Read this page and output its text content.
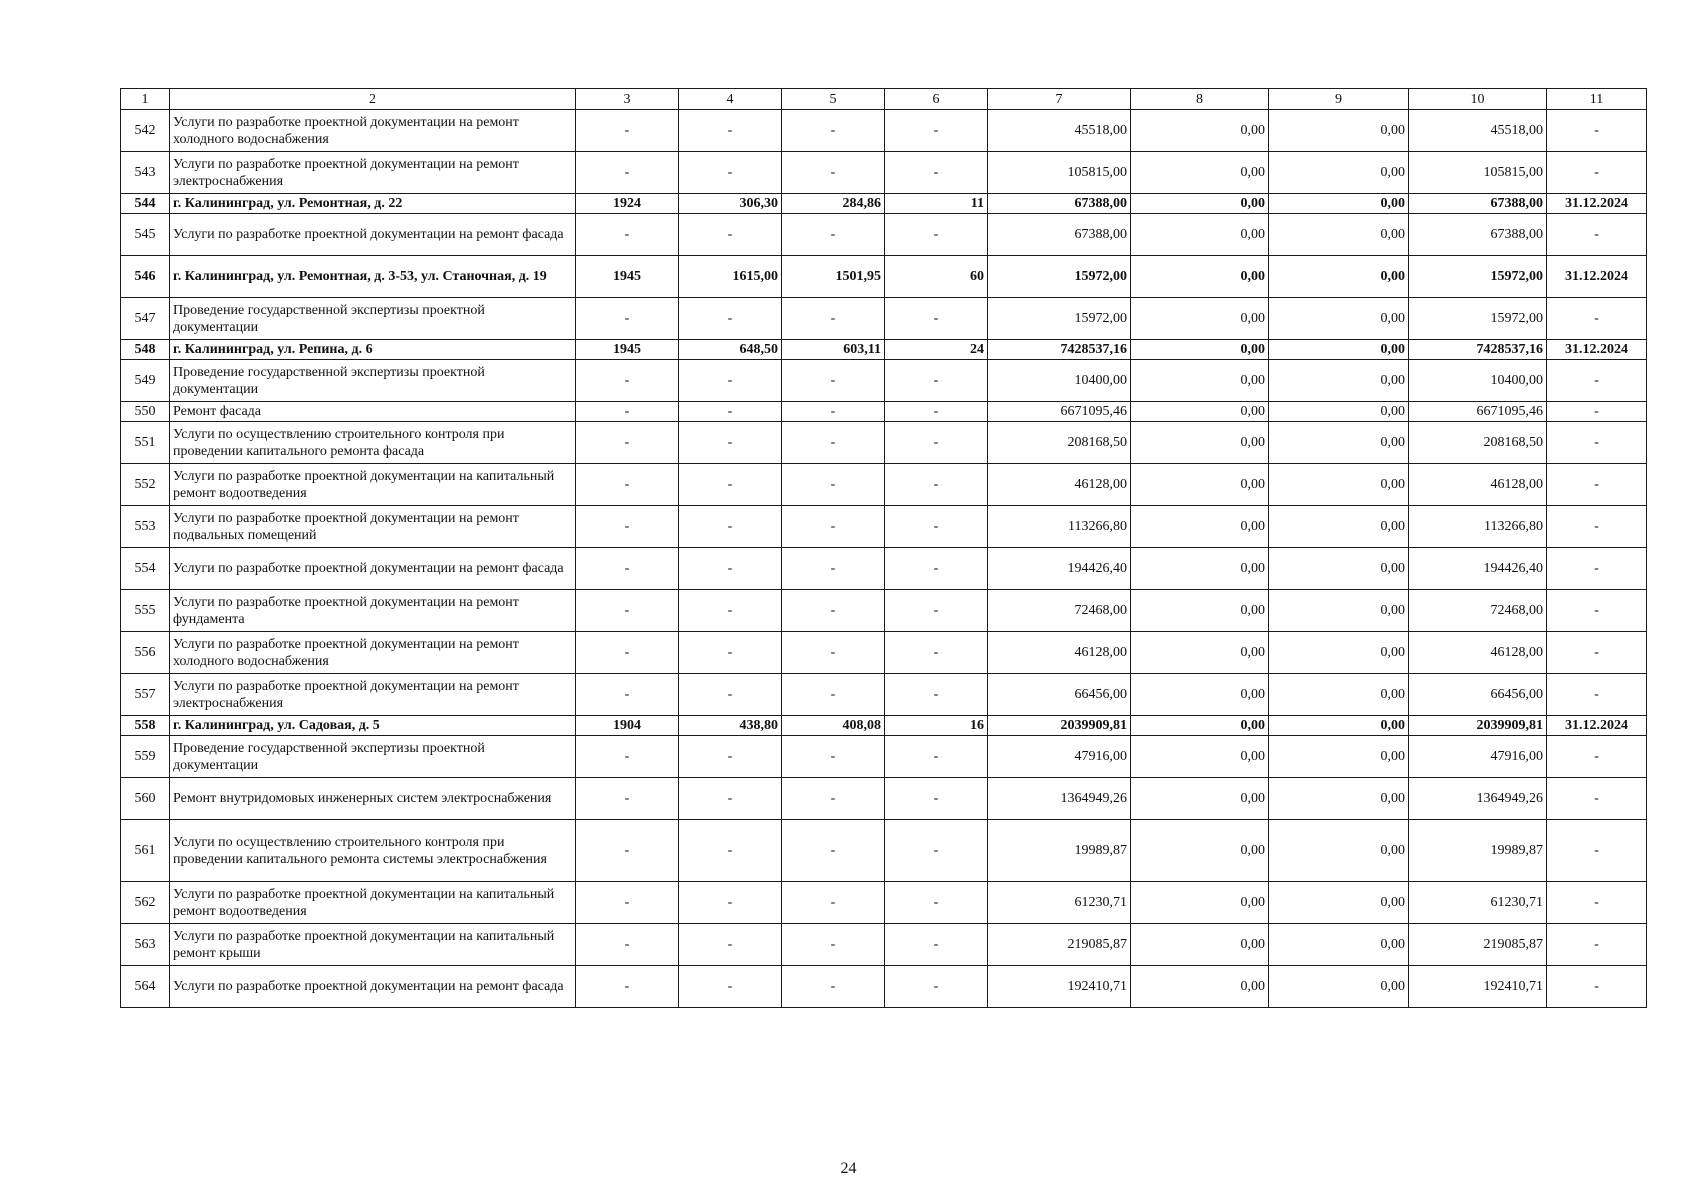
1	2	3	4	5	6	7	8	9	10	11
542	Услуги по разработке проектной документации на ремонт холодного водоснабжения	-	-	-	-	45518,00	0,00	0,00	45518,00	-
543	Услуги по разработке проектной документации на ремонт электроснабжения	-	-	-	-	105815,00	0,00	0,00	105815,00	-
544	г. Калининград, ул. Ремонтная, д. 22	1924	306,30	284,86	11	67388,00	0,00	0,00	67388,00	31.12.2024
545	Услуги по разработке проектной документации на ремонт фасада	-	-	-	-	67388,00	0,00	0,00	67388,00	-
546	г. Калининград, ул. Ремонтная, д. 3-53, ул. Станочная, д. 19	1945	1615,00	1501,95	60	15972,00	0,00	0,00	15972,00	31.12.2024
547	Проведение государственной экспертизы проектной документации	-	-	-	-	15972,00	0,00	0,00	15972,00	-
548	г. Калининград, ул. Репина, д. 6	1945	648,50	603,11	24	7428537,16	0,00	0,00	7428537,16	31.12.2024
549	Проведение государственной экспертизы проектной документации	-	-	-	-	10400,00	0,00	0,00	10400,00	-
550	Ремонт фасада	-	-	-	-	6671095,46	0,00	0,00	6671095,46	-
551	Услуги по осуществлению строительного контроля при проведении капитального ремонта фасада	-	-	-	-	208168,50	0,00	0,00	208168,50	-
552	Услуги по разработке проектной документации на капитальный ремонт водоотведения	-	-	-	-	46128,00	0,00	0,00	46128,00	-
553	Услуги по разработке проектной документации на ремонт подвальных помещений	-	-	-	-	113266,80	0,00	0,00	113266,80	-
554	Услуги по разработке проектной документации на ремонт фасада	-	-	-	-	194426,40	0,00	0,00	194426,40	-
555	Услуги по разработке проектной документации на ремонт фундамента	-	-	-	-	72468,00	0,00	0,00	72468,00	-
556	Услуги по разработке проектной документации на ремонт холодного водоснабжения	-	-	-	-	46128,00	0,00	0,00	46128,00	-
557	Услуги по разработке проектной документации на ремонт электроснабжения	-	-	-	-	66456,00	0,00	0,00	66456,00	-
558	г. Калининград, ул. Садовая, д. 5	1904	438,80	408,08	16	2039909,81	0,00	0,00	2039909,81	31.12.2024
559	Проведение государственной экспертизы проектной документации	-	-	-	-	47916,00	0,00	0,00	47916,00	-
560	Ремонт внутридомовых инженерных систем электроснабжения	-	-	-	-	1364949,26	0,00	0,00	1364949,26	-
561	Услуги по осуществлению строительного контроля при проведении капитального ремонта системы электроснабжения	-	-	-	-	19989,87	0,00	0,00	19989,87	-
562	Услуги по разработке проектной документации на капитальный ремонт водоотведения	-	-	-	-	61230,71	0,00	0,00	61230,71	-
563	Услуги по разработке проектной документации на капитальный ремонт крыши	-	-	-	-	219085,87	0,00	0,00	219085,87	-
564	Услуги по разработке проектной документации на ремонт фасада	-	-	-	-	192410,71	0,00	0,00	192410,71	-
24
